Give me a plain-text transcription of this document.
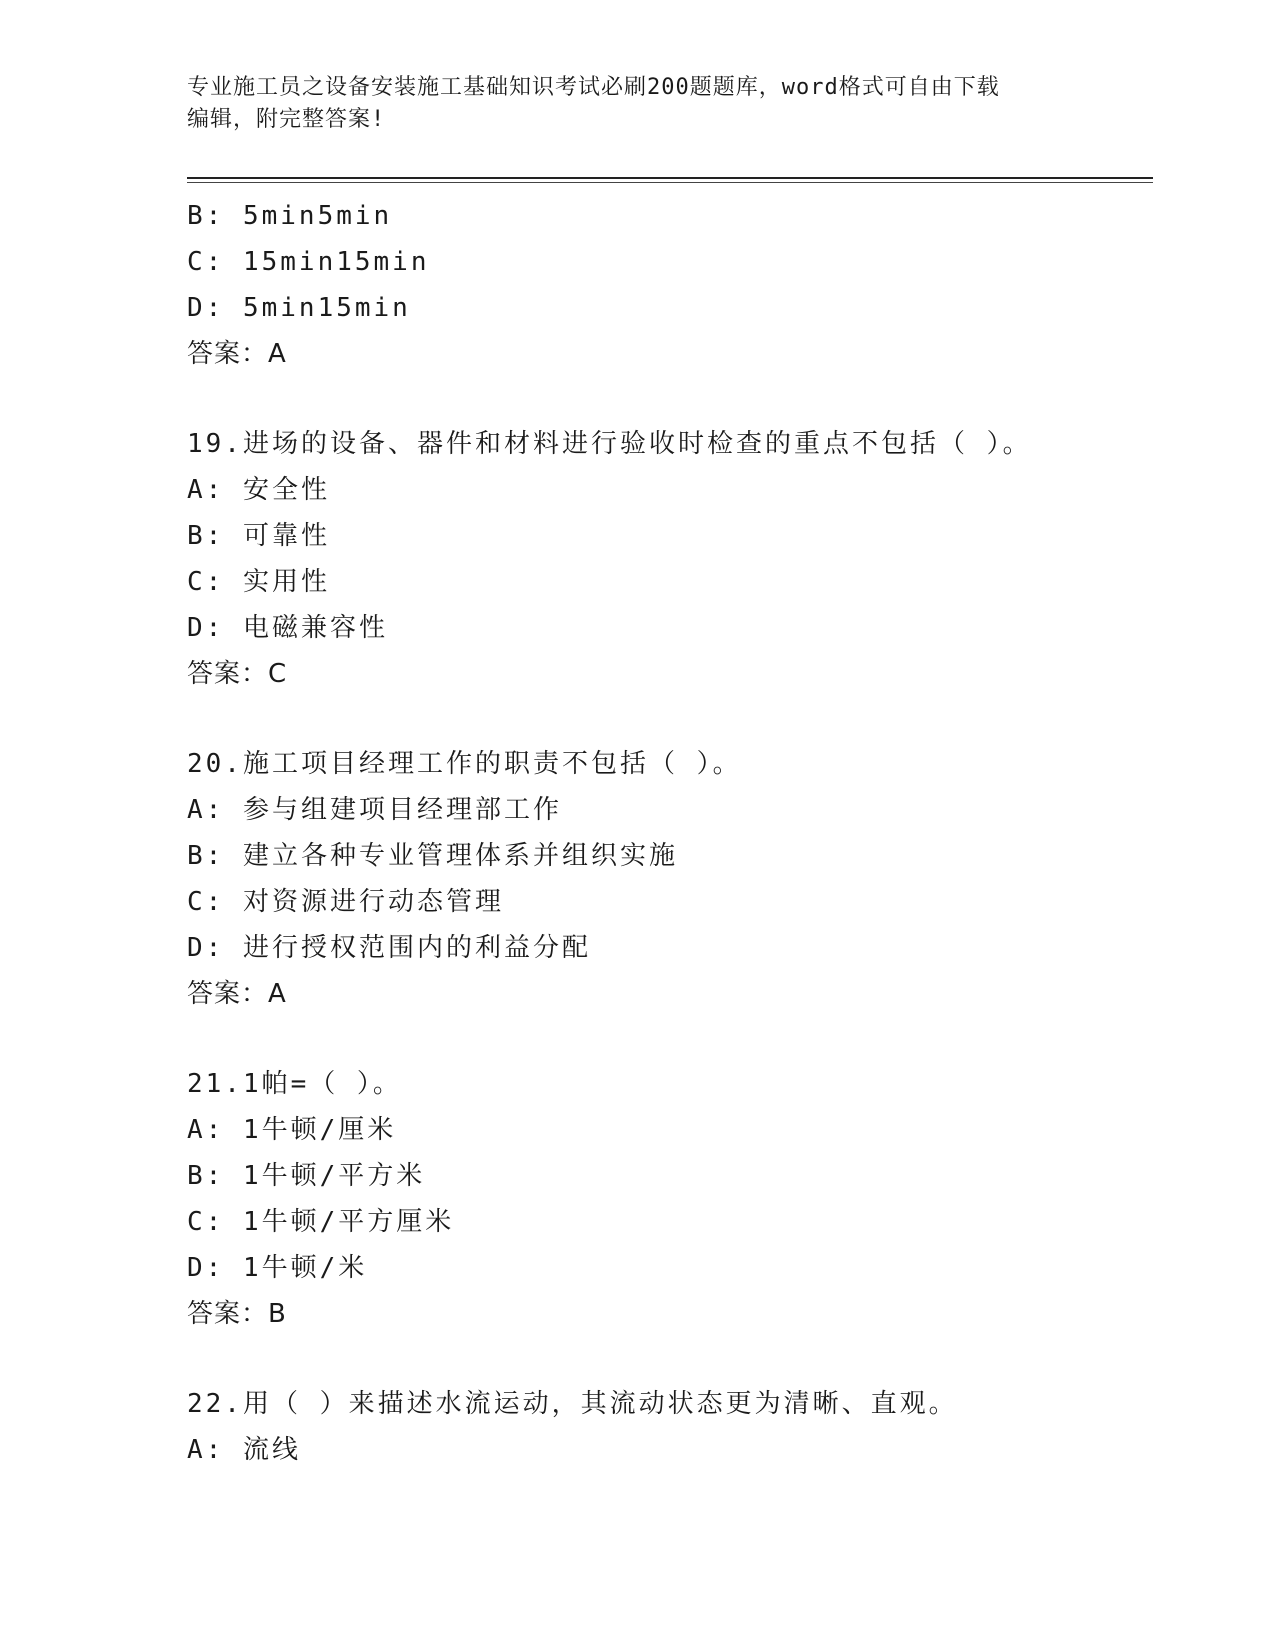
专业施工员之设备安装施工基础知识考试必刷200题题库，word格式可自由下载
编辑，附完整答案!
B: 5min5min
C: 15min15min
D: 5min15min
答案：A
19.进场的设备、器件和材料进行验收时检查的重点不包括（ ）。
A: 安全性
B: 可靠性
C: 实用性
D: 电磁兼容性
答案：C
20.施工项目经理工作的职责不包括（ ）。
A: 参与组建项目经理部工作
B: 建立各种专业管理体系并组织实施
C: 对资源进行动态管理
D: 进行授权范围内的利益分配
答案：A
21.1帕=（ ）。
A: 1牛顿/厘米
B: 1牛顿/平方米
C: 1牛顿/平方厘米
D: 1牛顿/米
答案：B
22.用（ ）来描述水流运动，其流动状态更为清晰、直观。
A: 流线
